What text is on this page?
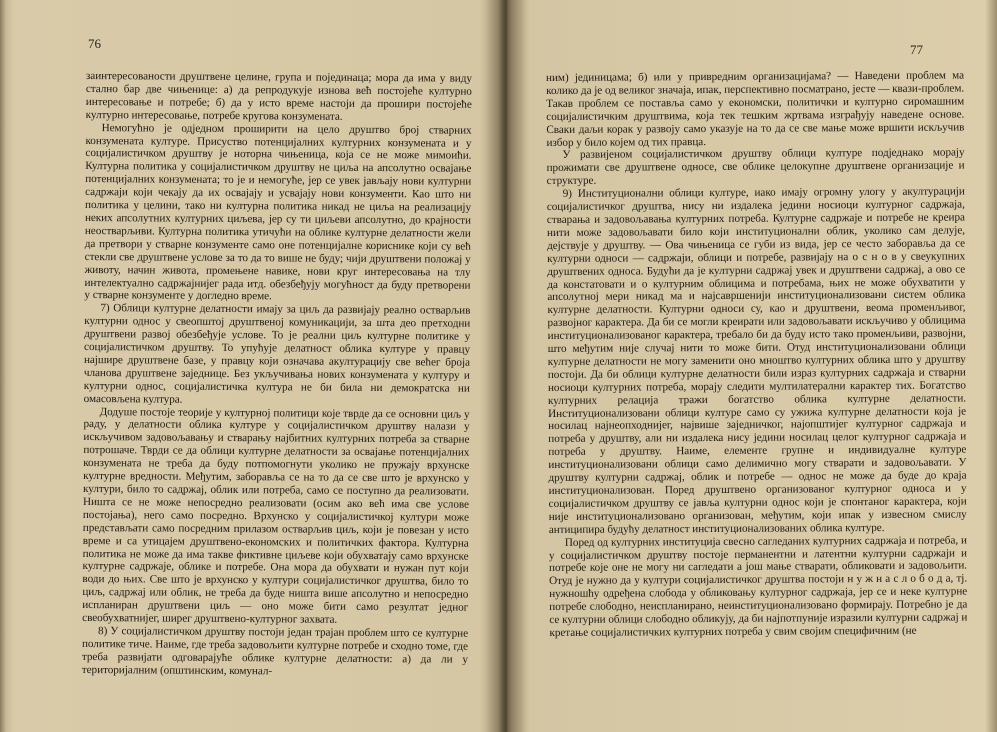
76

заинтересованости друштвене целине, група и појединаца; мора да има у виду стално бар две чињенице: а) да репродукује изнова већ постојеће културно интересовање и потребе; б) да у исто време настоји да прошири постојеће културно интересовање, потребе кругова конзумената.

Немогућно је одједном проширити на цело друштво број стварних конзумената културе. Присуство потенцијалних културних конзумената и у социјалистичком друштву је ноторна чињеница, која се не може мимоићи. Културна политика у социјалистичком друштву не циља на апсолутно освајање потенцијалних конзумената; то је и немогуће, јер се увек јављају нови културни садржаји који чекају да их освајају и усвајају нови конзументи. Као што ни политика у целини, тако ни културна политика никад не циља на реализацију неких апсолутних културних циљева, јер су ти циљеви апсолутно, до крајности неостварљиви. Културна политика утичући на облике културне делатности жели да претвори у стварне конзументе само оне потенцијалне кориснике који су већ стекли све друштвене услове за то да то више не буду; чији друштвени положај у животу, начин живота, промењене навике, нови круг интересовања на тлу интелектуално садржајнијег рада итд. обезбеђују могућност да буду претворени у стварне конзументе у догледно време.

7) Облици културне делатности имају за циљ да развијају реално остварљив културни однос у свеопштој друштвеној комуникацији, за шта део претходни друштвени развој обезбеђује услове. То је реални циљ културне политике у социјалистичком друштву. То упућује делатност облика културе у правцу најшире друштвене базе, у правцу који означава акултурацију све већег броја чланова друштвене заједнице. Без укључивања нових конзумената у културу и културни однос, социјалистичка култура не би била ни демократска ни омасовљена култура.

Додуше постоје теорије у културној политици које тврде да се основни циљ у раду, у делатности облика културе у социјалистичком друштву налази у искључивом задовољавању и стварању најбитних културних потреба за стварне потрошаче. Тврди се да облици културне делатности за освајање потенцијалних конзумената не треба да буду потпомогнути уколико не пружају врхунске културне вредности. Међутим, заборавља се на то да се све што је врхунско у култури, било то садржај, облик или потреба, само се поступно да реализовати. Ништа се не може непосредно реализовати (осим ако већ има све услове постојања), него само посредно. Врхунско у социјалистичкој култури може представљати само посредним прилазом остварљив циљ, који је повезан у исто време и са утицајем друштвено-економских и политичких фактора. Културна политика не може да има такве фиктивне циљеве који обухватају само врхунске културне садржаје, облике и потребе. Она мора да обухвати и нужан пут који води до њих. Све што је врхунско у култури социјалистичког друштва, било то циљ, садржај или облик, не треба да буде ништа више апсолутно и непосредно испланиран друштвени циљ — оно може бити само резултат једног свеобухватнијег, ширег друштвено-културног захвата.

8) У социјалистичком друштву постоји један трајан проблем што се културне политике тиче. Наиме, где треба задовољити културне потребе и сходно томе, где треба развијати одговарајуће облике културне делатности: а) да ли у територијалним (општинским, комунал-

77

ним) јединицама; б) или у привредним организацијама? — Наведени проблем ма колико да је од великог значаја, ипак, перспективно посматрано, јесте — квази-проблем. Такав проблем се поставља само у економски, политички и културно сиромашним социјалистичким друштвима, која тек тешким жртвама изграђују наведене основе. Сваки даљи корак у развоју само указује на то да се све мање може вршити искључив избор у било којем од тих правца.

У развијеном социјалистичком друштву облици културе подједнако морају прожимати све друштвене односе, све облике целокупне друштвене организације и структуре.

9) Институционални облици културе, иако имају огромну улогу у акултурацији социјалистичког друштва, нису ни издалека једини носиоци културног садржаја, стварања и задовољавања културних потреба. Културне садржаје и потребе не креира нити може задовољавати било који институционални облик, уколико сам делује, дејствује у друштву. — Ова чињеница се губи из вида, јер се често заборавља да се културни односи — садржаји, облици и потребе, развијају на о с н о в у свеукупних друштвених односа. Будући да је културни садржај увек и друштвени садржај, а ово се да констатовати и о културним облицима и потребама, њих не може обухватити у апсолутној мери никад ма и најсавршенији институционализовани систем облика културне делатности. Културни односи су, као и друштвени, веома променљивог, развојног карактера. Да би се могли креирати или задовољавати искључиво у облицима институционализованог карактера, требало би да буду исто тако променљиви, развојни, што међутим није случај нити то може бити. Отуд институционализовани облици културне делатности не могу заменити оно мноштво културних облика што у друштву постоји. Да би облици културне делатности били израз културних садржаја и стварни носиоци културних потреба, морају следити мултилатерални карактер тих. Богатство културних релација тражи богатство облика културне делатности. Институционализовани облици културе само су ужижа културне делатности која је носилац најнеопходнијег, највише заједничког, најопштијег културног садржаја и потреба у друштву, али ни издалека нису једини носилац целог културног садржаја и потреба у друштву. Наиме, елементе групне и индивидуалне културе институционализовани облици само делимично могу стварати и задовољавати. У друштву културни садржај, облик и потребе — однос не може да буде до краја институционализован. Поред друштвено организованог културног односа и у социјалистичком друштву се јавља културни однос који је спонтаног карактера, који није институционализовано организован, међутим, који ипак у извесном смислу антиципира будућу делатност институционализованих облика културе.

Поред од културних институција свесно сагледаних културних садржаја и потреба, и у социјалистичком друштву постоје перманентни и латентни културни садржаји и потребе које оне не могу ни сагледати а још мање стварати, обликовати и задовољити. Отуд је нужно да у култури социјалистичког друштва постоји н у ж н а с л о б о д а, тј. нужношћу одређена слобода у обликовању културног садржаја, јер се и неке културне потребе слободно, неиспланирано, неинституционализовано формирају. Потребно је да се културни облици слободно обликују, да би најпотпуније изразили културни садржај и кретање социјалистичких културних потреба у свим својим специфичним (не
